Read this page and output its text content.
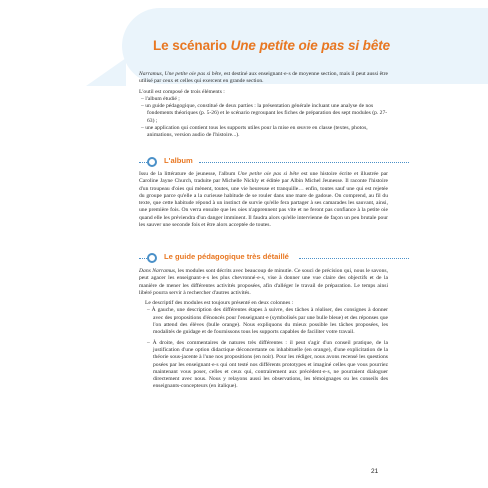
Le scénario Une petite oie pas si bête

Narramus, Une petite oie pas si bête, est destiné aux enseignant·e·s de moyenne section, mais il peut aussi être utilisé par ceux et celles qui exercent en grande section.

L'outil est composé de trois éléments :

– l'album étudié ;
– un guide pédagogique, constitué de deux parties : la présentation générale incluant une analyse de nos fondements théoriques (p. 5-26) et le scénario regroupant les fiches de préparation des sept modules (p. 27-63) ;
– une application qui contient tous les supports utiles pour la mise en œuvre en classe (textes, photos, animations, version audio de l'histoire...).
L'album

Issu de la littérature de jeunesse, l'album Une petite oie pas si bête est une histoire écrite et illustrée par Caroline Jayne Church, traduite par Michelle Nickly et éditée par Albin Michel Jeunesse. Il raconte l'histoire d'un troupeau d'oies qui mènent, toutes, une vie heureuse et tranquille… enfin, toutes sauf une qui est rejetée du groupe parce qu'elle a la curieuse habitude de se rouler dans une mare de gadoue. On comprend, au fil du texte, que cette habitude répond à un instinct de survie qu'elle fera partager à ses camarades les sauvant, ainsi, une première fois. On verra ensuite que les oies n'apprennent pas vite et ne feront pas confiance à la petite oie quand elle les préviendra d'un danger imminent. Il faudra alors qu'elle intervienne de façon un peu brutale pour les sauver une seconde fois et être alors acceptée de toutes.

Le guide pédagogique très détaillé

Dans Narramus, les modules sont décrits avec beaucoup de minutie. Ce souci de précision qui, nous le savons, peut agacer les enseignant·e·s les plus chevronné·e·s, vise à donner une vue claire des objectifs et de la manière de mener les différentes activités proposées, afin d'alléger le travail de préparation. Le temps ainsi libéré pourra servir à rechercher d'autres activités.

Le descriptif des modules est toujours présenté en deux colonnes :

– À gauche, une description des différentes étapes à suivre, des tâches à réaliser, des consignes à donner avec des propositions d'énoncés pour l'enseignant·e (symbolisés par une bulle bleue) et des réponses que l'on attend des élèves (bulle orange). Nous expliquons du mieux possible les tâches proposées, les modalités de guidage et de fournissons tous les supports capables de faciliter votre travail.
– À droite, des commentaires de natures très différentes : il peut s'agir d'un conseil pratique, de la justification d'une option didactique déconcertante ou inhabituelle (en orange), d'une explicitation de la théorie sous-jacente à l'une nos propositions (en noir). Pour les rédiger, nous avons recensé les questions posées par les enseignant·e·s qui ont testé nos différents prototypes et imaginé celles que vous pourriez maintenant vous poser, celles et ceux qui, contrairement aux précédent·e·s, ne pourraient dialoguer directement avec nous. Nous y relayons aussi les observations, les témoignages ou les conseils des enseignants-concepteurs (en italique).
21
